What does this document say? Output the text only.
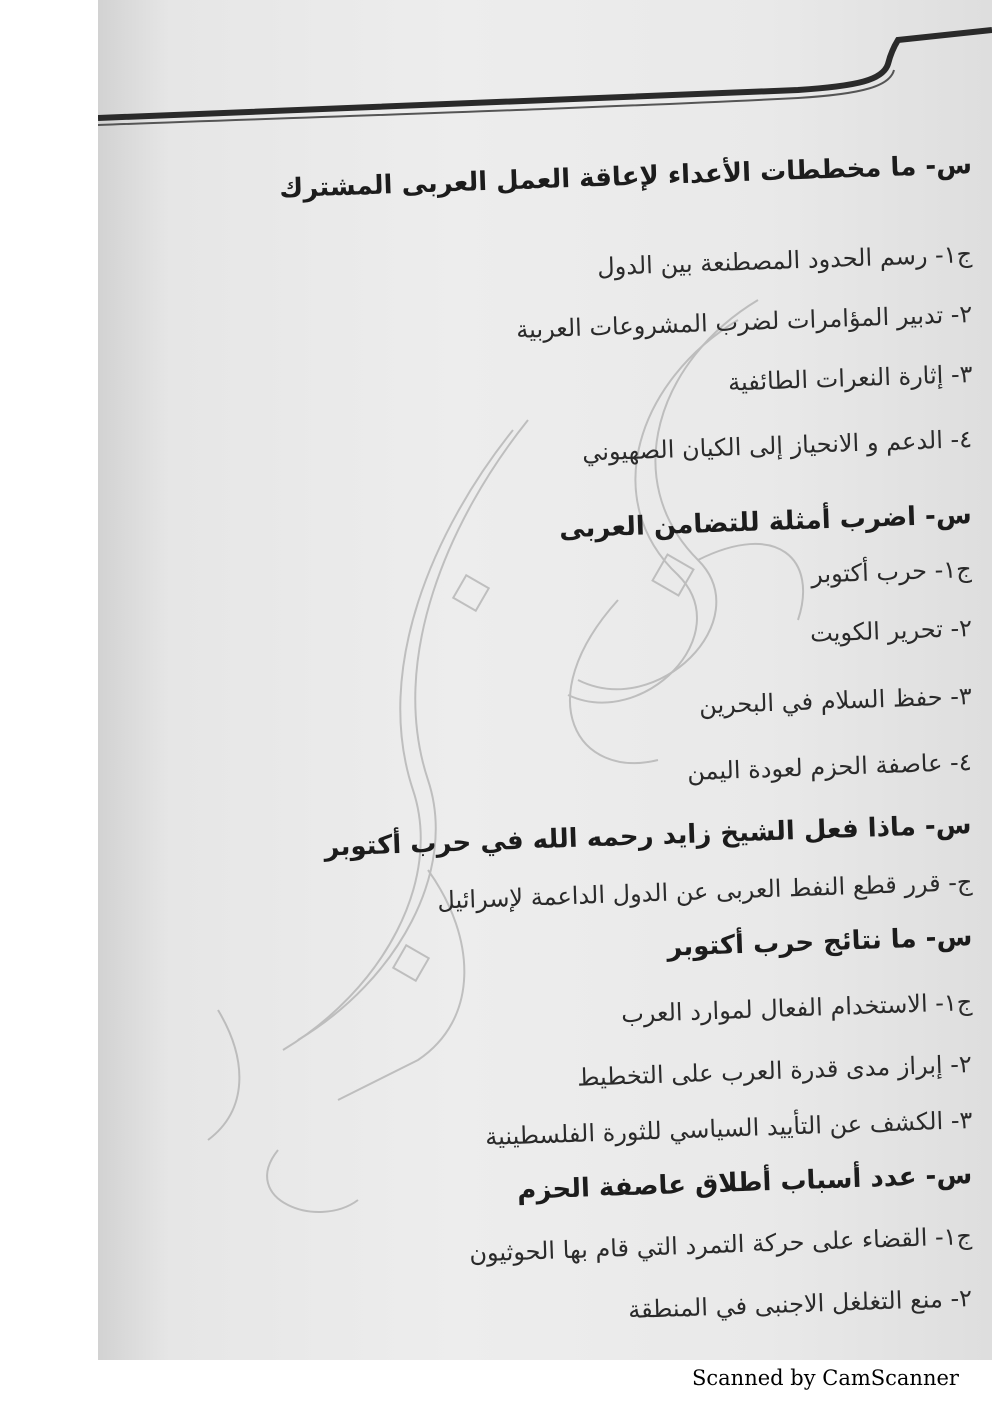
س- ما مخططات الأعداء لإعاقة العمل العربى المشترك
ج١- رسم الحدود المصطنعة بين الدول
٢- تدبير المؤامرات لضرب المشروعات العربية
٣- إثارة النعرات الطائفية
٤- الدعم و الانحياز إلى الكيان الصهيوني
س- اضرب أمثلة للتضامن العربى
ج١- حرب أكتوبر
٢- تحرير الكويت
٣- حفظ السلام في البحرين
٤- عاصفة الحزم لعودة اليمن
س- ماذا فعل الشيخ زايد رحمه الله في حرب أكتوبر
ج- قرر قطع النفط العربى عن الدول الداعمة لإسرائيل
س- ما نتائج حرب أكتوبر
ج١- الاستخدام الفعال لموارد العرب
٢- إبراز مدى قدرة العرب على التخطيط
٣- الكشف عن التأييد السياسي للثورة الفلسطينية
س- عدد أسباب أطلاق عاصفة الحزم
ج١- القضاء على حركة التمرد التي قام بها الحوثيون
٢- منع التغلغل الاجنبى في المنطقة
Scanned by CamScanner
